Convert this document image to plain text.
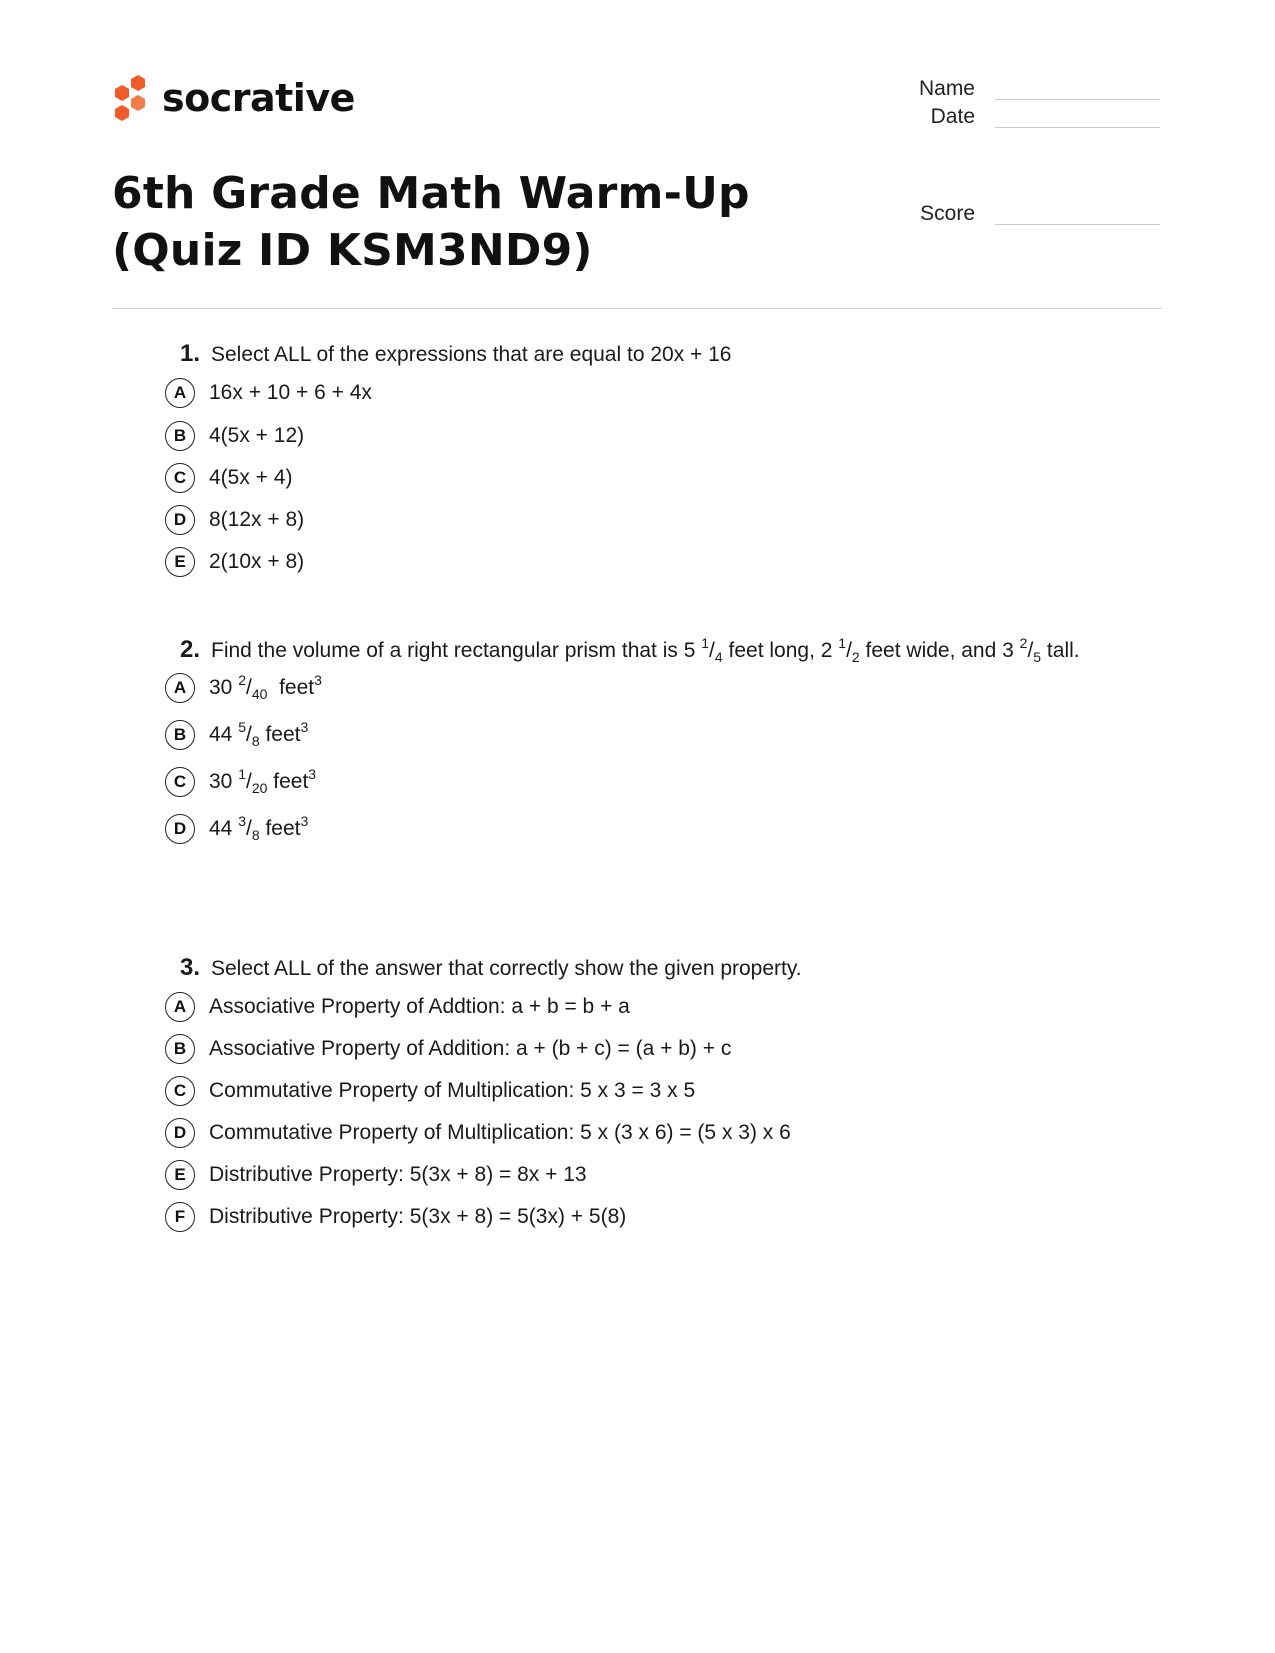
socrative	Name
Date
Score
6th Grade Math Warm-Up (Quiz ID KSM3ND9)
1. Select ALL of the expressions that are equal to 20x + 16
A	16x + 10 + 6 + 4x
B	4(5x + 12)
C	4(5x + 4)
D	8(12x + 8)
E	2(10x + 8)
2. Find the volume of a right rectangular prism that is 5 $^1/_4$ feet long, 2 $^1/_2$ feet wide, and 3 $^2/_5$ tall.
A	30 $^2/_{40}$  feet$^3$
B	44 $^5/_8$ feet$^3$
C	30 $^1/_{20}$ feet$^3$
D	44 $^3/_8$ feet$^3$
3. Select ALL of the answer that correctly show the given property.
A	Associative Property of Addtion: a + b = b + a
B	Associative Property of Addition: a + (b + c) = (a + b) + c
C	Commutative Property of Multiplication: 5 x 3 = 3 x 5
D	Commutative Property of Multiplication: 5 x (3 x 6) = (5 x 3) x 6
E	Distributive Property: 5(3x + 8) = 8x + 13
F	Distributive Property: 5(3x + 8) = 5(3x) + 5(8)
